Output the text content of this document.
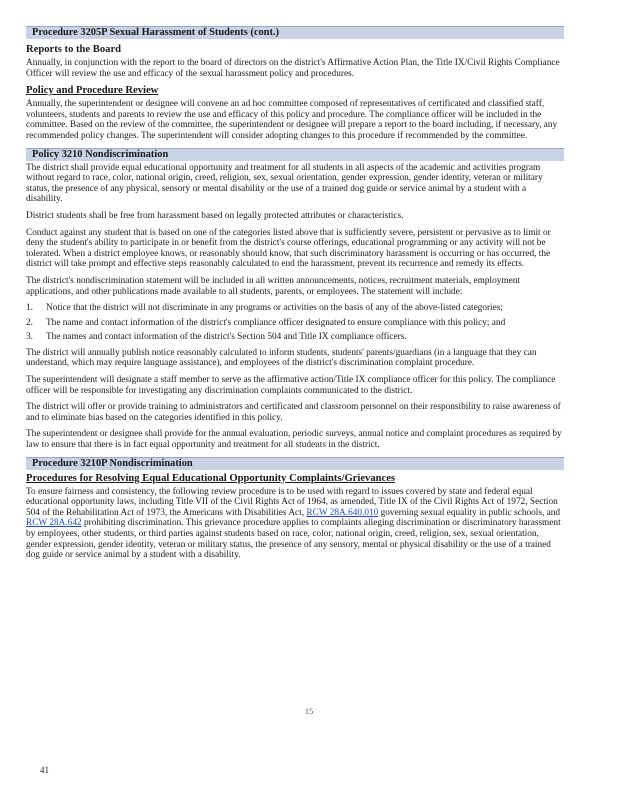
Procedure 3205P Sexual Harassment of Students (cont.)
Reports to the Board

Annually, in conjunction with the report to the board of directors on the district's Affirmative Action Plan, the Title IX/Civil Rights Compliance Officer will review the use and efficacy of the sexual harassment policy and procedures.

Policy and Procedure Review

Annually, the superintendent or designee will convene an ad hoc committee composed of representatives of certificated and classified staff, volunteers, students and parents to review the use and efficacy of this policy and procedure. The compliance officer will be included in the committee. Based on the review of the committee, the superintendent or designee will prepare a report to the board including, if necessary, any recommended policy changes. The superintendent will consider adopting changes to this procedure if recommended by the committee.

Policy 3210 Nondiscrimination

The district shall provide equal educational opportunity and treatment for all students in all aspects of the academic and activities program without regard to race, color, national origin, creed, religion, sex, sexual orientation, gender expression, gender identity, veteran or military status, the presence of any physical, sensory or mental disability or the use of a trained dog guide or service animal by a student with a disability.

District students shall be free from harassment based on legally protected attributes or characteristics.

Conduct against any student that is based on one of the categories listed above that is sufficiently severe, persistent or pervasive as to limit or deny the student's ability to participate in or benefit from the district's course offerings, educational programming or any activity will not be tolerated. When a district employee knows, or reasonably should know, that such discriminatory harassment is occurring or has occurred, the district will take prompt and effective steps reasonably calculated to end the harassment, prevent its recurrence and remedy its effects.

The district's nondiscrimination statement will be included in all written announcements, notices, recruitment materials, employment applications, and other publications made available to all students, parents, or employees. The statement will include:

1. Notice that the district will not discriminate in any programs or activities on the basis of any of the above-listed categories;
2. The name and contact information of the district's compliance officer designated to ensure compliance with this policy; and
3. The names and contact information of the district's Section 504 and Title IX compliance officers.

The district will annually publish notice reasonably calculated to inform students, students' parents/guardians (in a language that they can understand, which may require language assistance), and employees of the district's discrimination complaint procedure.

The superintendent will designate a staff member to serve as the affirmative action/Title IX compliance officer for this policy. The compliance officer will be responsible for investigating any discrimination complaints communicated to the district.

The district will offer or provide training to administrators and certificated and classroom personnel on their responsibility to raise awareness of and to eliminate bias based on the categories identified in this policy.

The superintendent or designee shall provide for the annual evaluation, periodic surveys, annual notice and complaint procedures as required by law to ensure that there is in fact equal opportunity and treatment for all students in the district.

Procedure 3210P Nondiscrimination
Procedures for Resolving Equal Educational Opportunity Complaints/Grievances

To ensure fairness and consistency, the following review procedure is to be used with regard to issues covered by state and federal equal educational opportunity laws, including Title VII of the Civil Rights Act of 1964, as amended, Title IX of the Civil Rights Act of 1972, Section 504 of the Rehabilitation Act of 1973, the Americans with Disabilities Act, RCW 28A.640.010 governing sexual equality in public schools, and RCW 28A.642 prohibiting discrimination. This grievance procedure applies to complaints alleging discrimination or discriminatory harassment by employees, other students, or third parties against students based on race, color, national origin, creed, religion, sex, sexual orientation, gender expression, gender identity, veteran or military status, the presence of any sensory, mental or physical disability or the use of a trained dog guide or service animal by a student with a disability.

15
41
